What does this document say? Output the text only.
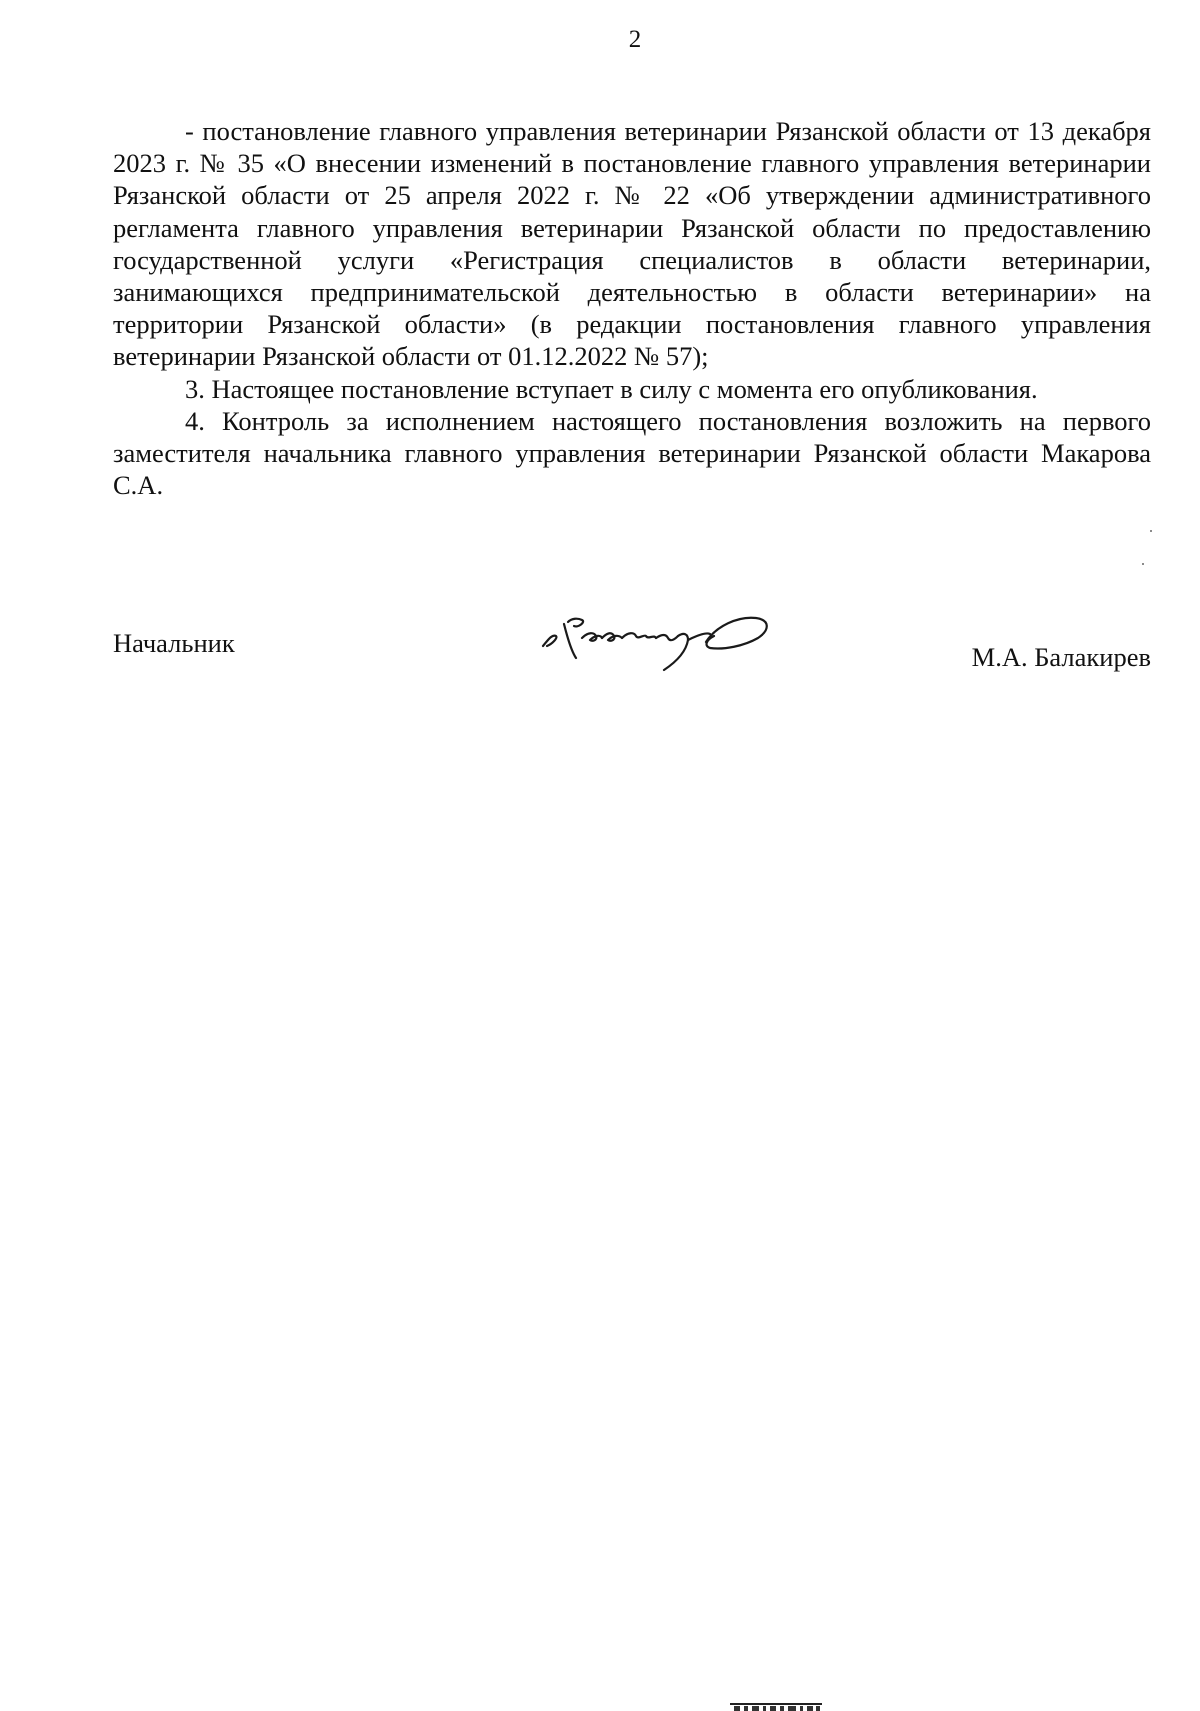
2

- постановление главного управления ветеринарии Рязанской области от 13 декабря 2023 г. № 35 «О внесении изменений в постановление главного управления ветеринарии Рязанской области от 25 апреля 2022 г. № 22 «Об утверждении административного регламента главного управления ветеринарии Рязанской области по предоставлению государственной услуги «Регистрация специалистов в области ветеринарии, занимающихся предпринимательской деятельностью в области ветеринарии» на территории Рязанской области» (в редакции постановления главного управления ветеринарии Рязанской области от 01.12.2022 № 57);

3. Настоящее постановление вступает в силу с момента его опубликования.

4. Контроль за исполнением настоящего постановления возложить на первого заместителя начальника главного управления ветеринарии Рязанской области Макарова С.А.

Начальник	М.А. Балакирев
